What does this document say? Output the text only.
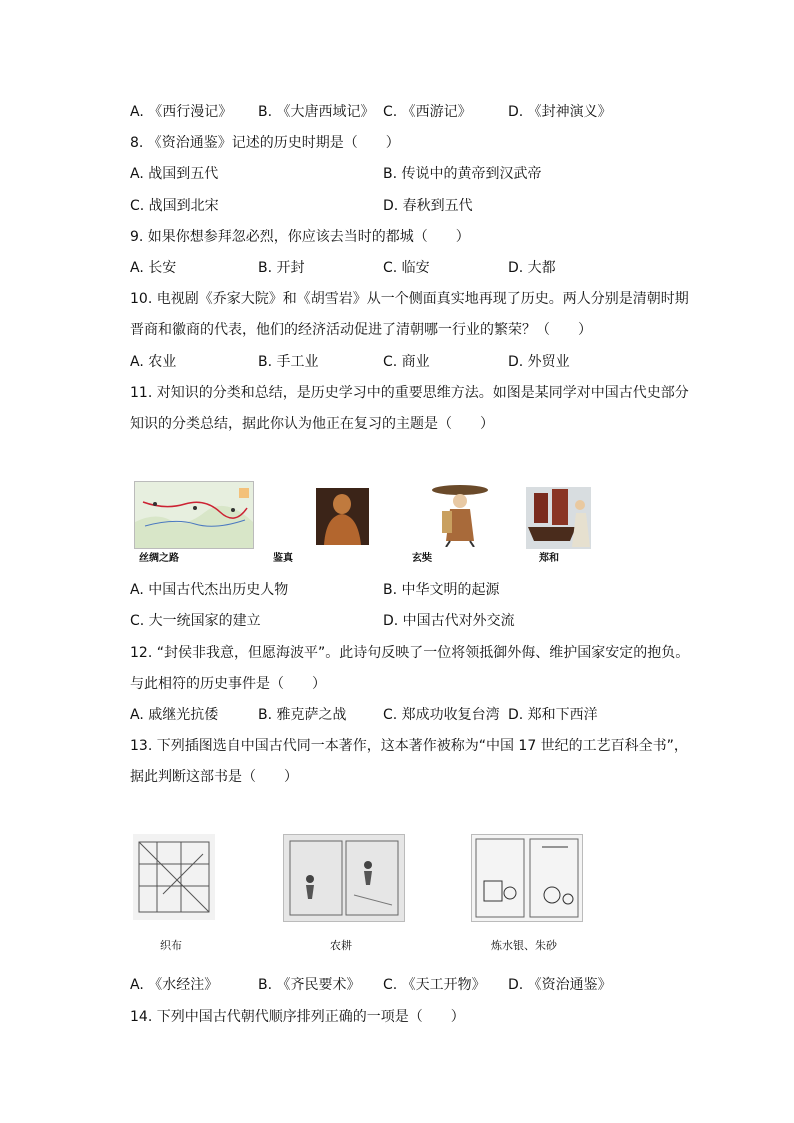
A. 《西行漫记》 B. 《大唐西域记》 C. 《西游记》	D. 《封神演义》
8. 《资治通鉴》记述的历史时期是（　　）
A. 战国到五代	B. 传说中的黄帝到汉武帝
C. 战国到北宋	D. 春秋到五代
9. 如果你想参拜忽必烈，你应该去当时的都城（　　）
A. 长安	B. 开封	C. 临安	D. 大都
10. 电视剧《乔家大院》和《胡雪岩》从一个侧面真实地再现了历史。两人分别是清朝时期
晋商和徽商的代表，他们的经济活动促进了清朝哪一行业的繁荣？（　　）
A. 农业	B. 手工业	C. 商业	D. 外贸业
11. 对知识的分类和总结，是历史学习中的重要思维方法。如图是某同学对中国古代史部分
知识的分类总结，据此你认为他正在复习的主题是（　　）
丝绸之路	鉴真	玄奘	郑和
A. 中国古代杰出历史人物	B. 中华文明的起源
C. 大一统国家的建立	D. 中国古代对外交流
12. “封侯非我意，但愿海波平”。此诗句反映了一位将领抵御外侮、维护国家安定的抱负。
与此相符的历史事件是（　　）
A. 戚继光抗倭	B. 雅克萨之战	C. 郑成功收复台湾 D. 郑和下西洋
13. 下列插图选自中国古代同一本著作，这本著作被称为“中国 17 世纪的工艺百科全书”，
据此判断这部书是（　　）
织布	农耕	炼水银、朱砂
A. 《水经注》	B. 《齐民要术》 C. 《天工开物》 D. 《资治通鉴》
14. 下列中国古代朝代顺序排列正确的一项是（　　）
